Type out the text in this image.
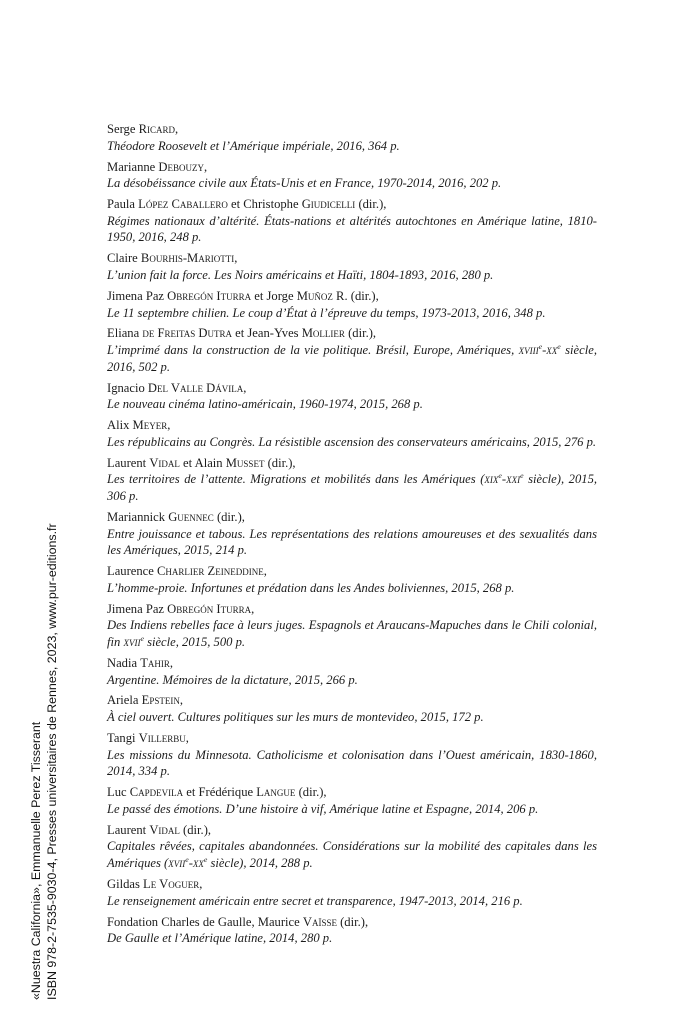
«Nuestra California», Emmanuelle Perez Tisserant ISBN 978-2-7535-9030-4, Presses universitaires de Rennes, 2023, www.pur-editions.fr
Serge Ricard,
Théodore Roosevelt et l’Amérique impériale, 2016, 364 p.
Marianne Debouzy,
La désobéissance civile aux États-Unis et en France, 1970-2014, 2016, 202 p.
Paula López Caballero et Christophe Giudicelli (dir.),
Régimes nationaux d’altérité. États-nations et altérités autochtones en Amérique latine, 1810-1950, 2016, 248 p.
Claire Bourhis-Mariotti,
L’union fait la force. Les Noirs américains et Haïti, 1804-1893, 2016, 280 p.
Jimena Paz Obregón Iturra et Jorge Muñoz R. (dir.),
Le 11 septembre chilien. Le coup d’État à l’épreuve du temps, 1973-2013, 2016, 348 p.
Eliana de Freitas Dutra et Jean-Yves Mollier (dir.),
L’imprimé dans la construction de la vie politique. Brésil, Europe, Amériques, $xviii^e-xx^e$ siècle, 2016, 502 p.
Ignacio Del Valle Dávila,
Le nouveau cinéma latino-américain, 1960-1974, 2015, 268 p.
Alix Meyer,
Les républicains au Congrès. La résistible ascension des conservateurs américains, 2015, 276 p.
Laurent Vidal et Alain Musset (dir.),
Les territoires de l’attente. Migrations et mobilités dans les Amériques (xix$^e$-xxi$^e$ siècle), 2015, 306 p.
Mariannick Guennec (dir.),
Entre jouissance et tabous. Les représentations des relations amoureuses et des sexualités dans les Amériques, 2015, 214 p.
Laurence Charlier Zeineddine,
L’homme-proie. Infortunes et prédation dans les Andes boliviennes, 2015, 268 p.
Jimena Paz Obregón Iturra,
Des Indiens rebelles face à leurs juges. Espagnols et Araucans-Mapuches dans le Chili colonial, fin xvii$^e$ siècle, 2015, 500 p.
Nadia Tahir,
Argentine. Mémoires de la dictature, 2015, 266 p.
Ariela Epstein,
À ciel ouvert. Cultures politiques sur les murs de montevideo, 2015, 172 p.
Tangi Villerbu,
Les missions du Minnesota. Catholicisme et colonisation dans l’Ouest américain, 1830-1860, 2014, 334 p.
Luc Capdevila et Frédérique Langue (dir.),
Le passé des émotions. D’une histoire à vif, Amérique latine et Espagne, 2014, 206 p.
Laurent Vidal (dir.),
Capitales rêvées, capitales abandonnées. Considérations sur la mobilité des capitales dans les Amériques ($xvii^e-xx^e$ siècle), 2014, 288 p.
Gildas Le Voguer,
Le renseignement américain entre secret et transparence, 1947-2013, 2014, 216 p.
Fondation Charles de Gaulle, Maurice Vaïsse (dir.),
De Gaulle et l’Amérique latine, 2014, 280 p.
